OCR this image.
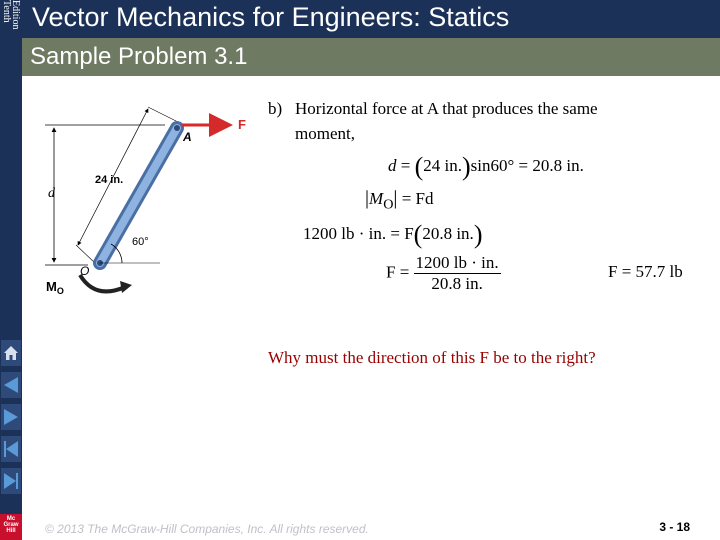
Tenth
Edition Vector Mechanics for Engineers: Statics
Sample Problem 3.1
Mc
Graw
Hill
d
24 in.
F
A
60°
O
$M_O$
b) Horizontal force at A that produces the same
moment,
d = (24 in.)sin60° = 20.8 in.
$|M_O| = Fd$
1200 lb · in. = F(20.8 in.)
$F = \frac{1200 lb \cdot in.}{20.8 in.}$	F = 57.7 lb
Why must the direction of this F be to the right?
© 2013 The McGraw-Hill Companies, Inc. All rights reserved.	3 - 18
